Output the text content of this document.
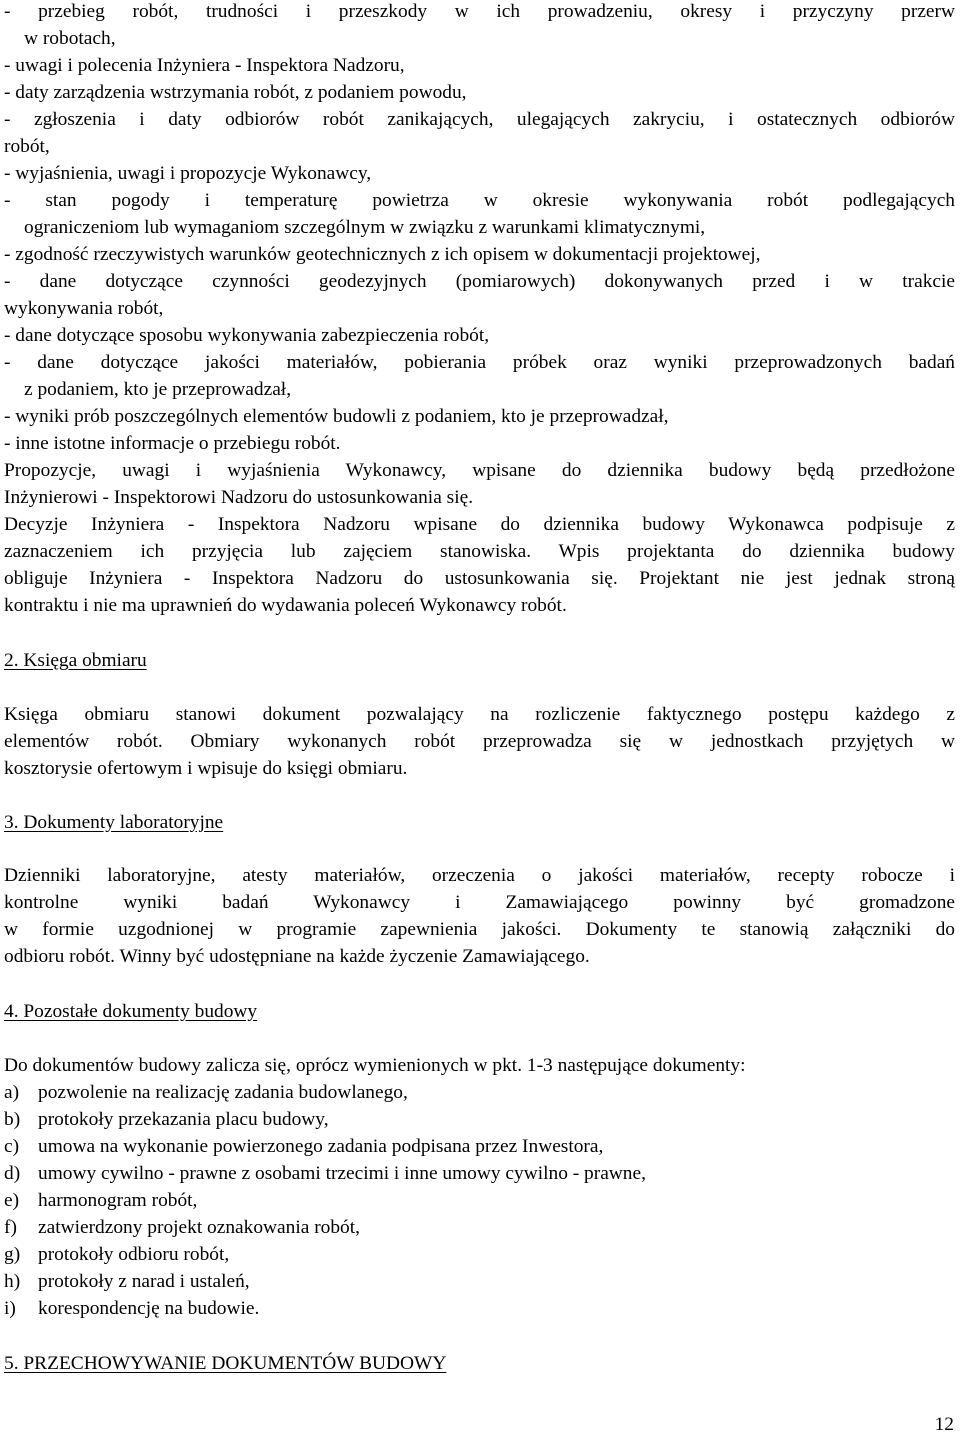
- przebieg robót, trudności i przeszkody w ich prowadzeniu, okresy i przyczyny przerw
w robotach,
- uwagi i polecenia Inżyniera - Inspektora Nadzoru,
- daty zarządzenia wstrzymania robót, z podaniem powodu,
- zgłoszenia i daty odbiorów robót zanikających, ulegających zakryciu, i ostatecznych odbiorów
robót,
- wyjaśnienia, uwagi i propozycje Wykonawcy,
- stan pogody i temperaturę powietrza w okresie wykonywania robót podlegających
ograniczeniom lub wymaganiom szczególnym w związku z warunkami klimatycznymi,
- zgodność rzeczywistych warunków geotechnicznych z ich opisem w dokumentacji projektowej,
- dane dotyczące czynności geodezyjnych (pomiarowych) dokonywanych przed i w trakcie
wykonywania robót,
- dane dotyczące sposobu wykonywania zabezpieczenia robót,
- dane dotyczące jakości materiałów, pobierania próbek oraz wyniki przeprowadzonych badań
z podaniem, kto je przeprowadzał,
- wyniki prób poszczególnych elementów budowli z podaniem, kto je przeprowadzał,
- inne istotne informacje o przebiegu robót.
Propozycje, uwagi i wyjaśnienia Wykonawcy, wpisane do dziennika budowy będą przedłożone
Inżynierowi - Inspektorowi Nadzoru do ustosunkowania się.
Decyzje Inżyniera - Inspektora Nadzoru wpisane do dziennika budowy Wykonawca podpisuje z
zaznaczeniem ich przyjęcia lub zajęciem stanowiska. Wpis projektanta do dziennika budowy
obliguje Inżyniera - Inspektora Nadzoru do ustosunkowania się. Projektant nie jest jednak stroną
kontraktu i nie ma uprawnień do wydawania poleceń Wykonawcy robót.
2. Księga obmiaru
Księga obmiaru stanowi dokument pozwalający na rozliczenie faktycznego postępu każdego z
elementów robót. Obmiary wykonanych robót przeprowadza się w jednostkach przyjętych w
kosztorysie ofertowym i wpisuje do księgi obmiaru.
3. Dokumenty laboratoryjne
Dzienniki laboratoryjne, atesty materiałów, orzeczenia o jakości materiałów, recepty robocze i
kontrolne wyniki badań Wykonawcy i Zamawiającego powinny być gromadzone
w formie uzgodnionej w programie zapewnienia jakości. Dokumenty te stanowią załączniki do
odbioru robót. Winny być udostępniane na każde życzenie Zamawiającego.
4. Pozostałe dokumenty budowy
Do dokumentów budowy zalicza się, oprócz wymienionych w pkt. 1-3 następujące dokumenty:
a) pozwolenie na realizację zadania budowlanego,
b) protokoły przekazania placu budowy,
c) umowa na wykonanie powierzonego zadania podpisana przez Inwestora,
d) umowy cywilno - prawne z osobami trzecimi i inne umowy cywilno - prawne,
e) harmonogram robót,
f) zatwierdzony projekt oznakowania robót,
g) protokoły odbioru robót,
h) protokoły z narad i ustaleń,
i) korespondencję na budowie.
5. PRZECHOWYWANIE DOKUMENTÓW BUDOWY
12
